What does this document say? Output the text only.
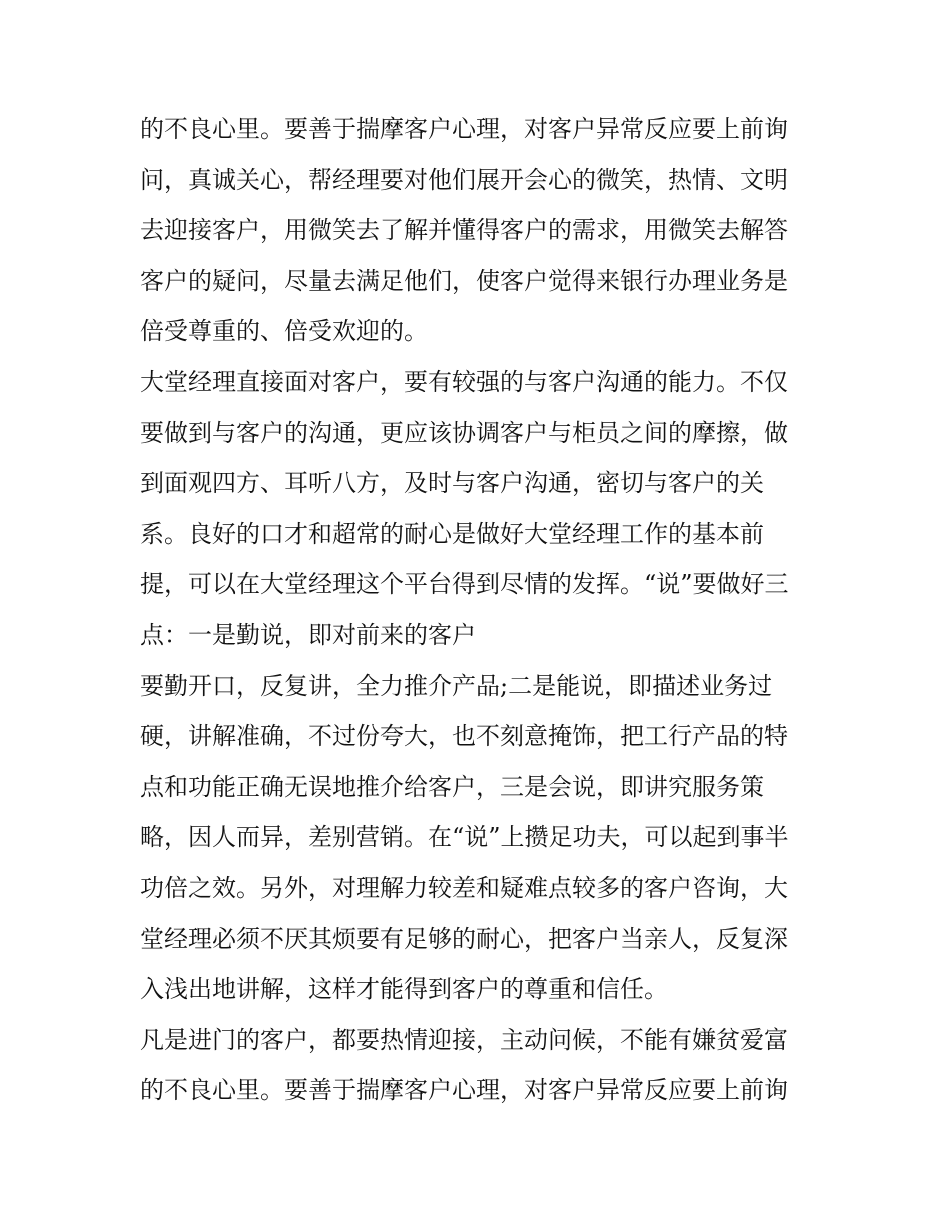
的不良心里。要善于揣摩客户心理，对客户异常反应要上前询
问，真诚关心，帮经理要对他们展开会心的微笑，热情、文明
去迎接客户，用微笑去了解并懂得客户的需求，用微笑去解答
客户的疑问，尽量去满足他们，使客户觉得来银行办理业务是
倍受尊重的、倍受欢迎的。
大堂经理直接面对客户，要有较强的与客户沟通的能力。不仅
要做到与客户的沟通，更应该协调客户与柜员之间的摩擦，做
到面观四方、耳听八方，及时与客户沟通，密切与客户的关
系。良好的口才和超常的耐心是做好大堂经理工作的基本前
提，可以在大堂经理这个平台得到尽情的发挥。“说”要做好三
点：一是勤说，即对前来的客户
要勤开口，反复讲，全力推介产品;二是能说，即描述业务过
硬，讲解准确，不过份夸大，也不刻意掩饰，把工行产品的特
点和功能正确无误地推介给客户，三是会说，即讲究服务策
略，因人而异，差别营销。在“说”上攒足功夫，可以起到事半
功倍之效。另外，对理解力较差和疑难点较多的客户咨询，大
堂经理必须不厌其烦要有足够的耐心，把客户当亲人，反复深
入浅出地讲解，这样才能得到客户的尊重和信任。
凡是进门的客户，都要热情迎接，主动问候，不能有嫌贫爱富
的不良心里。要善于揣摩客户心理，对客户异常反应要上前询
